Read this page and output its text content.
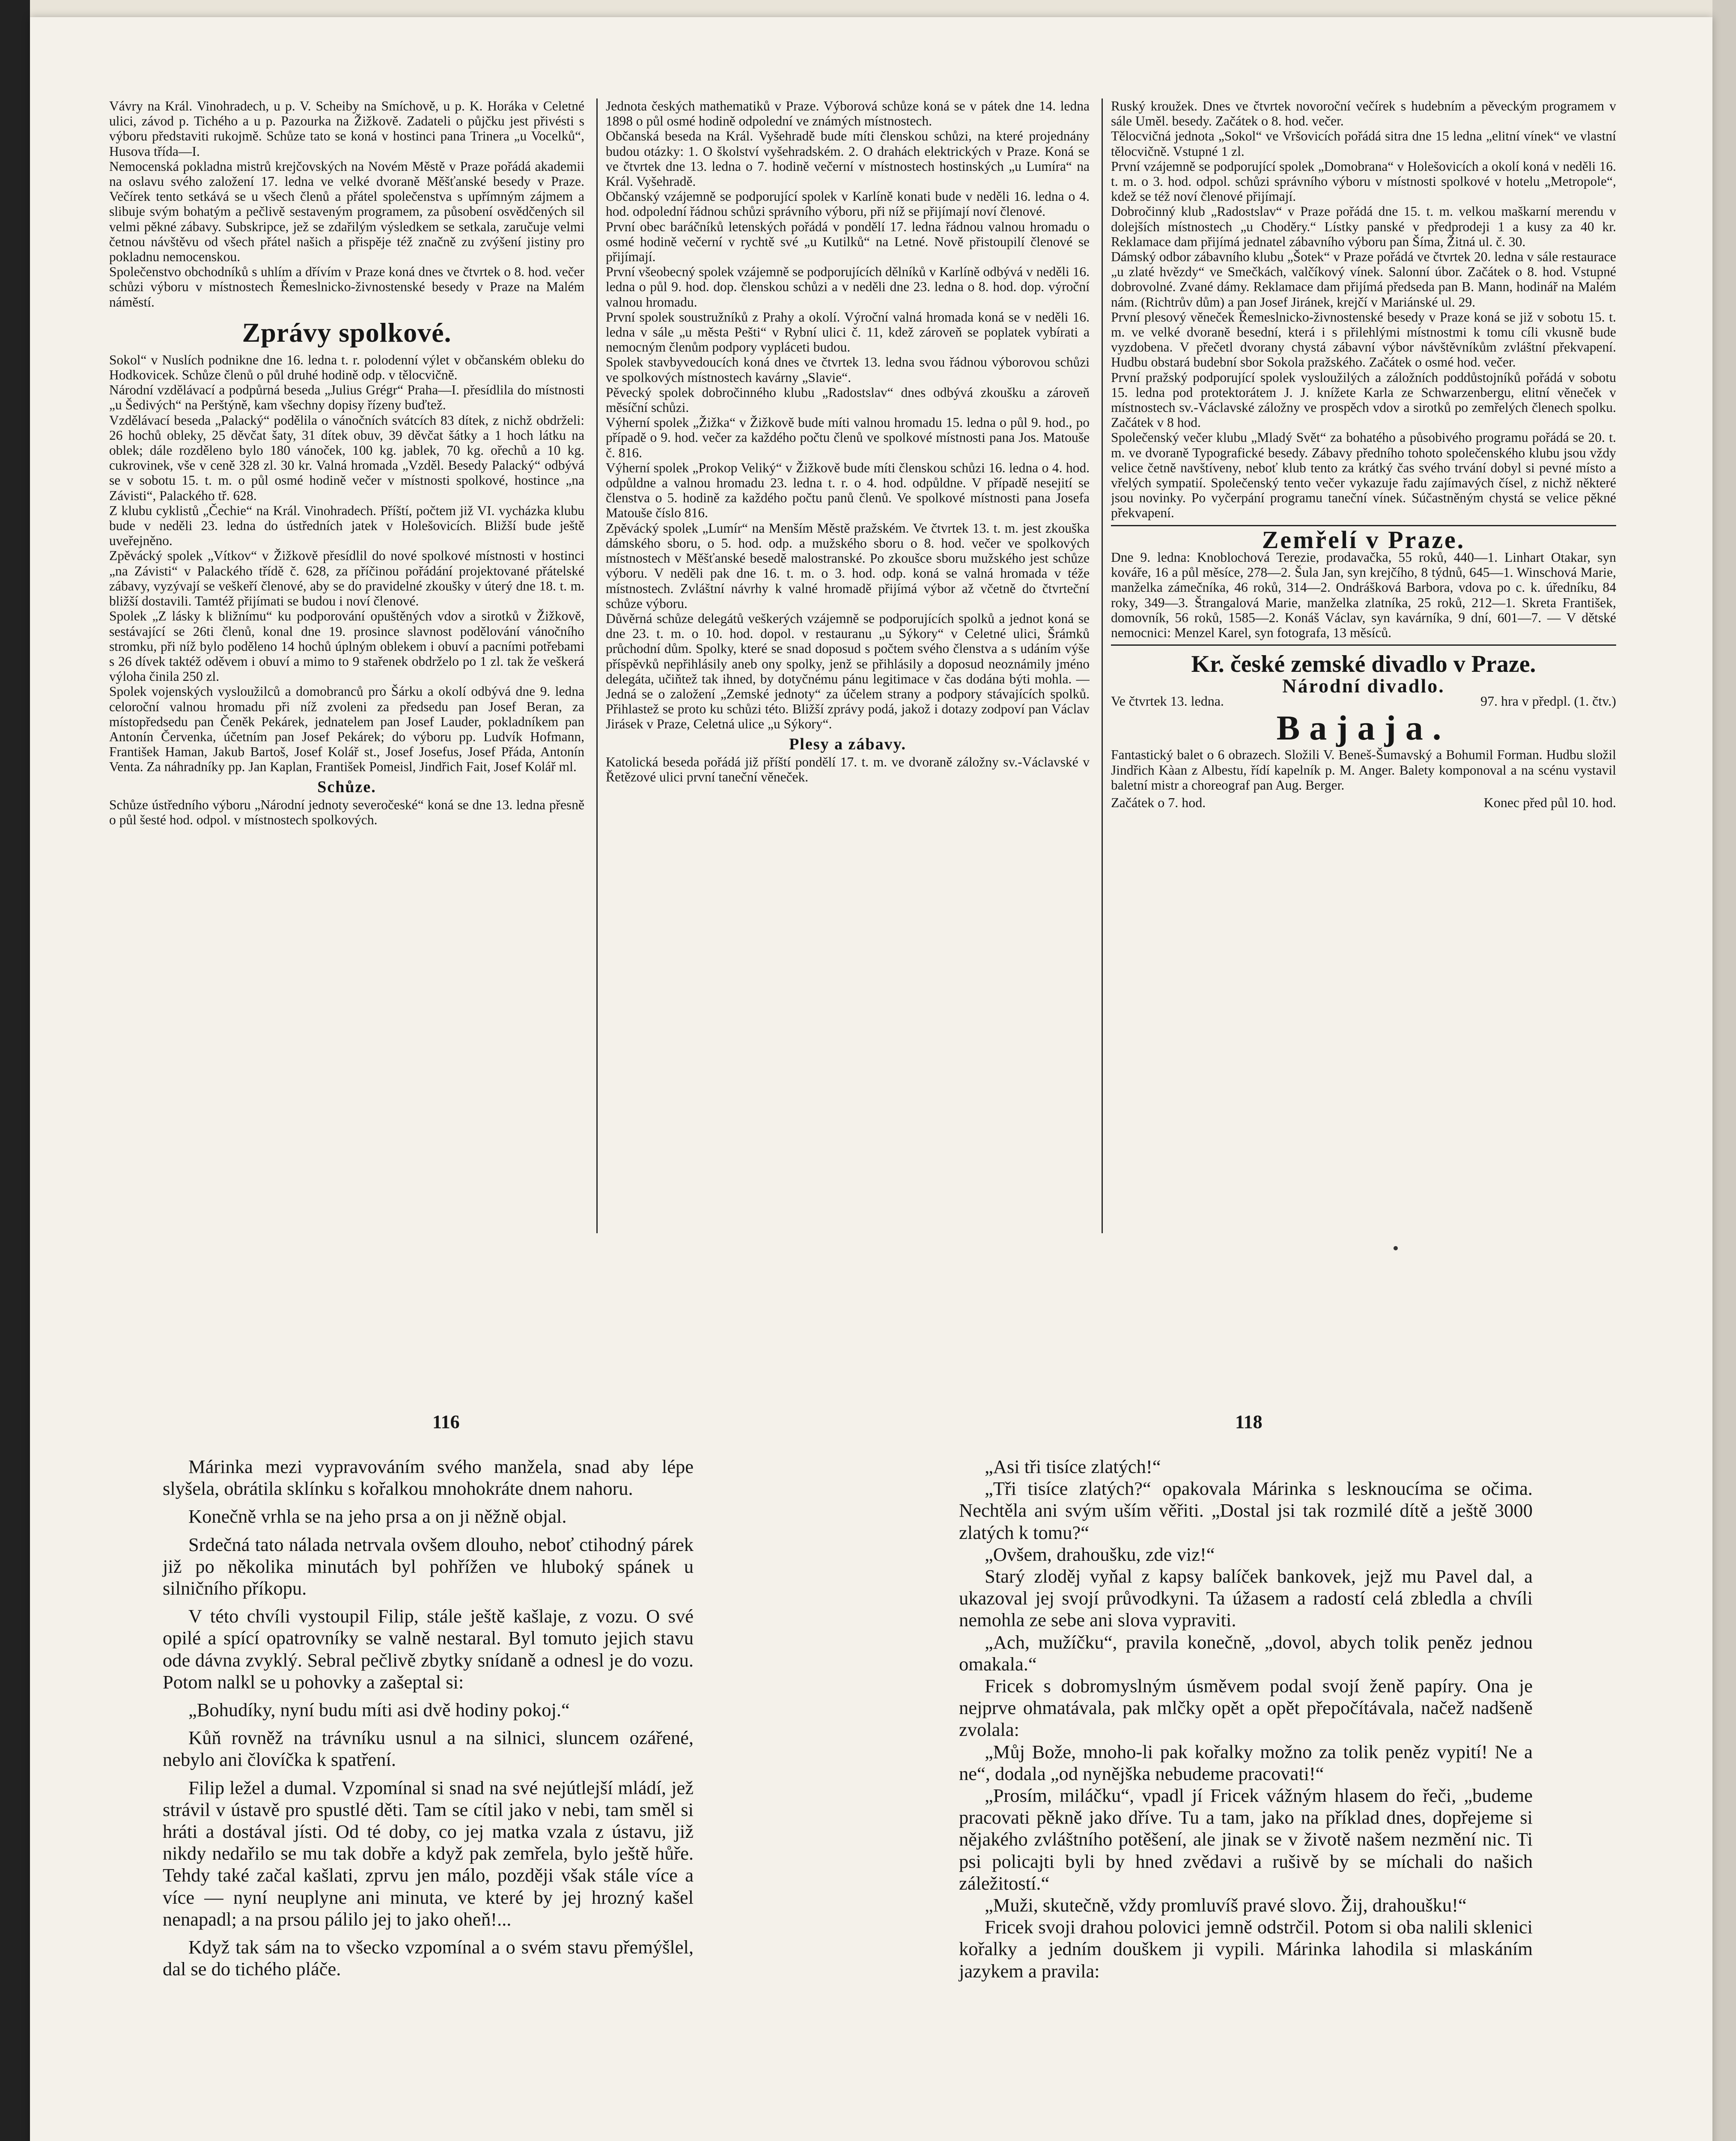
Vávry na Král. Vinohradech, u p. V. Scheiby na Smíchově, u p. K. Horáka v Celetné ulici, závod p. Tichého a u p. Pazourka na Žižkově. Zadateli o půjčku jest přivésti s výboru představiti rukojmě. Schůze tato se koná v hostinci pana Trinera „u Vocelků“, Husova třída—I.

Nemocenská pokladna mistrů krejčovských na Novém Městě v Praze pořádá akademii na oslavu svého založení 17. ledna ve velké dvoraně Měšťanské besedy v Praze. Večírek tento setkává se u všech členů a přátel společenstva s upřímným zájmem a slibuje svým bohatým a pečlivě sestaveným programem, za působení osvědčených sil velmi pěkné zábavy. Subskripce, jež se zdařilým výsledkem se setkala, zaručuje velmi četnou návštěvu od všech přátel našich a přispěje též značně zu zvýšení jistiny pro pokladnu nemocenskou.

Společenstvo obchodníků s uhlím a dřívím v Praze koná dnes ve čtvrtek o 8. hod. večer schůzi výboru v místnostech Řemeslnicko-živnostenské besedy v Praze na Malém náměstí.

Zprávy spolkové.

Sokol“ v Nuslích podnikne dne 16. ledna t. r. polodenní výlet v občanském obleku do Hodkovicek. Schůze členů o půl druhé hodině odp. v tělocvičně.

Národní vzdělávací a podpůrná beseda „Julius Grégr“ Praha—I. přesídlila do místnosti „u Šedivých“ na Perštýně, kam všechny dopisy řízeny buďtež.

Vzdělávací beseda „Palacký“ podělila o vánočních svátcích 83 dítek, z nichž obdrželi: 26 hochů obleky, 25 děvčat šaty, 31 dítek obuv, 39 děvčat šátky a 1 hoch látku na oblek; dále rozděleno bylo 180 vánoček, 100 kg. jablek, 70 kg. ořechů a 10 kg. cukrovinek, vše v ceně 328 zl. 30 kr. Valná hromada „Vzděl. Besedy Palacký“ odbývá se v sobotu 15. t. m. o půl osmé hodině večer v místnosti spolkové, hostince „na Závisti“, Palackého tř. 628.

Z klubu cyklistů „Čechie“ na Král. Vinohradech. Příští, počtem již VI. vycházka klubu bude v neděli 23. ledna do ústředních jatek v Holešovicích. Bližší bude ještě uveřejněno.

Zpěvácký spolek „Vítkov“ v Žižkově přesídlil do nové spolkové místnosti v hostinci „na Závisti“ v Palackého třídě č. 628, za příčinou pořádání projektované přátelské zábavy, vyzývají se veškeří členové, aby se do pravidelné zkoušky v úterý dne 18. t. m. bližší dostavili. Tamtéž přijímati se budou i noví členové.

Spolek „Z lásky k bližnímu“ ku podporování opuštěných vdov a sirotků v Žižkově, sestávající se 26ti členů, konal dne 19. prosince slavnost podělování vánočního stromku, při níž bylo poděleno 14 hochů úplným oblekem i obuví a pacními potřebami s 26 dívek taktéž oděvem i obuví a mimo to 9 stařenek obdrželo po 1 zl. tak že veškerá výloha činila 250 zl.

Spolek vojenských vysloužilců a domobranců pro Šárku a okolí odbývá dne 9. ledna celoroční valnou hromadu při níž zvoleni za předsedu pan Josef Beran, za místopředsedu pan Čeněk Pekárek, jednatelem pan Josef Lauder, pokladníkem pan Antonín Červenka, účetním pan Josef Pekárek; do výboru pp. Ludvík Hofmann, František Haman, Jakub Bartoš, Josef Kolář st., Josef Josefus, Josef Přáda, Antonín Venta. Za náhradníky pp. Jan Kaplan, František Pomeisl, Jindřich Fait, Josef Kolář ml.

Schůze.

Schůze ústředního výboru „Národní jednoty severočeské“ koná se dne 13. ledna přesně o půl šesté hod. odpol. v místnostech spolkových.

Jednota českých mathematiků v Praze. Výborová schůze koná se v pátek dne 14. ledna 1898 o půl osmé hodině odpolední ve známých místnostech.

Občanská beseda na Král. Vyšehradě bude míti členskou schůzi, na které projednány budou otázky: 1. O školství vyšehradském. 2. O drahách elektrických v Praze. Koná se ve čtvrtek dne 13. ledna o 7. hodině večerní v místnostech hostinských „u Lumíra“ na Král. Vyšehradě.

Občanský vzájemně se podporující spolek v Karlíně konati bude v neděli 16. ledna o 4. hod. odpolední řádnou schůzi správního výboru, při níž se přijímají noví členové.

První obec baráčníků letenských pořádá v pondělí 17. ledna řádnou valnou hromadu o osmé hodině večerní v rychtě své „u Kutilků“ na Letné. Nově přistoupilí členové se přijímají.

První všeobecný spolek vzájemně se podporujících dělníků v Karlíně odbývá v neděli 16. ledna o půl 9. hod. dop. členskou schůzi a v neděli dne 23. ledna o 8. hod. dop. výroční valnou hromadu.

První spolek soustružníků z Prahy a okolí. Výroční valná hromada koná se v neděli 16. ledna v sále „u města Pešti“ v Rybní ulici č. 11, kdež zároveň se poplatek vybírati a nemocným členům podpory vypláceti budou.

Spolek stavbyvedoucích koná dnes ve čtvrtek 13. ledna svou řádnou výborovou schůzi ve spolkových místnostech kavárny „Slavie“.

Pěvecký spolek dobročinného klubu „Radostslav“ dnes odbývá zkoušku a zároveň měsíční schůzi.

Výherní spolek „Žižka“ v Žižkově bude míti valnou hromadu 15. ledna o půl 9. hod., po případě o 9. hod. večer za každého počtu členů ve spolkové místnosti pana Jos. Matouše č. 816.

Výherní spolek „Prokop Veliký“ v Žižkově bude míti členskou schůzi 16. ledna o 4. hod. odpůldne a valnou hromadu 23. ledna t. r. o 4. hod. odpůldne. V případě nesejití se členstva o 5. hodině za každého počtu panů členů. Ve spolkové místnosti pana Josefa Matouše číslo 816.

Zpěvácký spolek „Lumír“ na Menším Městě pražském. Ve čtvrtek 13. t. m. jest zkouška dámského sboru, o 5. hod. odp. a mužského sboru o 8. hod. večer ve spolkových místnostech v Měšťanské besedě malostranské. Po zkoušce sboru mužského jest schůze výboru. V neděli pak dne 16. t. m. o 3. hod. odp. koná se valná hromada v téže místnostech. Zvláštní návrhy k valné hromadě přijímá výbor až včetně do čtvrteční schůze výboru.

Důvěrná schůze delegátů veškerých vzájemně se podporujících spolků a jednot koná se dne 23. t. m. o 10. hod. dopol. v restauranu „u Sýkory“ v Celetné ulici, Šrámků průchodní dům. Spolky, které se snad doposud s počtem svého členstva a s udáním výše příspěvků nepřihlásily aneb ony spolky, jenž se přihlásily a doposud neoznámily jméno delegáta, učiňtež tak ihned, by dotyčnému pánu legitimace v čas dodána býti mohla. — Jedná se o založení „Zemské jednoty“ za účelem strany a podpory stávajících spolků. Přihlastež se proto ku schůzi této. Bližší zprávy podá, jakož i dotazy zodpoví pan Václav Jirásek v Praze, Celetná ulice „u Sýkory“.

Plesy a zábavy.

Katolická beseda pořádá již příští pondělí 17. t. m. ve dvoraně záložny sv.-Václavské v Řetězové ulici první taneční věneček.

Ruský kroužek. Dnes ve čtvrtek novoroční večírek s hudebním a pěveckým programem v sále Uměl. besedy. Začátek o 8. hod. večer.

Tělocvičná jednota „Sokol“ ve Vršovicích pořádá sitra dne 15 ledna „elitní vínek“ ve vlastní tělocvičně. Vstupné 1 zl.

První vzájemně se podporující spolek „Domobrana“ v Holešovicích a okolí koná v neděli 16. t. m. o 3. hod. odpol. schůzi správního výboru v místnosti spolkové v hotelu „Metropole“, kdež se též noví členové přijímají.

Dobročinný klub „Radostslav“ v Praze pořádá dne 15. t. m. velkou maškarní merendu v dolejších místnostech „u Choděry.“ Lístky panské v předprodeji 1 a kusy za 40 kr. Reklamace dam přijímá jednatel zábavního výboru pan Šíma, Žitná ul. č. 30.

Dámský odbor zábavního klubu „Šotek“ v Praze pořádá ve čtvrtek 20. ledna v sále restaurace „u zlaté hvězdy“ ve Smečkách, valčíkový vínek. Salonní úbor. Začátek o 8. hod. Vstupné dobrovolné. Zvané dámy. Reklamace dam přijímá předseda pan B. Mann, hodinář na Malém nám. (Richtrův dům) a pan Josef Jiránek, krejčí v Mariánské ul. 29.

První plesový věneček Řemeslnicko-živnostenské besedy v Praze koná se již v sobotu 15. t. m. ve velké dvoraně besední, která i s přilehlými místnostmi k tomu cíli vkusně bude vyzdobena. V přečetl dvorany chystá zábavní výbor návštěvníkům zvláštní překvapení. Hudbu obstará budební sbor Sokola pražského. Začátek o osmé hod. večer.

První pražský podporující spolek vysloužilých a záložních poddůstojníků pořádá v sobotu 15. ledna pod protektorátem J. J. knížete Karla ze Schwarzenbergu, elitní věneček v místnostech sv.-Václavské záložny ve prospěch vdov a sirotků po zemřelých členech spolku. Začátek v 8 hod.

Společenský večer klubu „Mladý Svět“ za bohatého a působivého programu pořádá se 20. t. m. ve dvoraně Typografické besedy. Zábavy předního tohoto společenského klubu jsou vždy velice četně navštíveny, neboť klub tento za krátký čas svého trvání dobyl si pevné místo a vřelých sympatií. Společenský tento večer vykazuje řadu zajímavých čísel, z nichž některé jsou novinky. Po vyčerpání programu taneční vínek. Súčastněným chystá se velice pěkné překvapení.

Zemřelí v Praze.

Dne 9. ledna: Knoblochová Terezie, prodavačka, 55 roků, 440—1. Linhart Otakar, syn kováře, 16 a půl měsíce, 278—2. Šula Jan, syn krejčího, 8 týdnů, 645—1. Winschová Marie, manželka zámečníka, 46 roků, 314—2. Ondrášková Barbora, vdova po c. k. úředníku, 84 roky, 349—3. Štrangalová Marie, manželka zlatníka, 25 roků, 212—1. Skreta František, domovník, 56 roků, 1585—2. Konáš Václav, syn kavárníka, 9 dní, 601—7. — V dětské nemocnici: Menzel Karel, syn fotografa, 13 měsíců.

Kr. české zemské divadlo v Praze.
Národní divadlo.
Ve čtvrtek 13. ledna.	97. hra v předpl. (1. čtv.)
Bajaja.

Fantastický balet o 6 obrazech. Složili V. Beneš-Šumavský a Bohumil Forman. Hudbu složil Jindřich Kàan z Albestu, řídí kapelník p. M. Anger. Balety komponoval a na scénu vystavil baletní mistr a choreograf pan Aug. Berger.

Začátek o 7. hod.	Konec před půl 10. hod.
116	118

Márinka mezi vypravováním svého manžela, snad aby lépe slyšela, obrátila sklínku s kořalkou mnohokráte dnem nahoru.

Konečně vrhla se na jeho prsa a on ji něžně objal.

Srdečná tato nálada netrvala ovšem dlouho, neboť ctihodný párek již po několika minutách byl pohřížen ve hluboký spánek u silničního příkopu.

V této chvíli vystoupil Filip, stále ještě kašlaje, z vozu. O své opilé a spící opatrovníky se valně nestaral. Byl tomuto jejich stavu ode dávna zvyklý. Sebral pečlivě zbytky snídaně a odnesl je do vozu. Potom nalkl se u pohovky a zašeptal si:

„Bohudíky, nyní budu míti asi dvě hodiny pokoj.“

Kůň rovněž na trávníku usnul a na silnici, sluncem ozářené, nebylo ani človíčka k spatření.

Filip ležel a dumal. Vzpomínal si snad na své nejútlejší mládí, jež strávil v ústavě pro spustlé děti. Tam se cítil jako v nebi, tam směl si hráti a dostával jísti. Od té doby, co jej matka vzala z ústavu, již nikdy nedařilo se mu tak dobře a když pak zemřela, bylo ještě hůře. Tehdy také začal kašlati, zprvu jen málo, později však stále více a více — nyní neuplyne ani minuta, ve které by jej hrozný kašel nenapadl; a na prsou pálilo jej to jako oheň!...

Když tak sám na to všecko vzpomínal a o svém stavu přemýšlel, dal se do tichého pláče.

„Asi tři tisíce zlatých!“

„Tři tisíce zlatých?“ opakovala Márinka s lesknoucíma se očima. Nechtěla ani svým uším věřiti. „Dostal jsi tak rozmilé dítě a ještě 3000 zlatých k tomu?“

„Ovšem, drahoušku, zde viz!“

Starý zloděj vyňal z kapsy balíček bankovek, jejž mu Pavel dal, a ukazoval jej svojí průvodkyni. Ta úžasem a radostí celá zbledla a chvíli nemohla ze sebe ani slova vypraviti.

„Ach, mužíčku“, pravila konečně, „dovol, abych tolik peněz jednou omakala.“

Fricek s dobromyslným úsměvem podal svojí ženě papíry. Ona je nejprve ohmatávala, pak mlčky opět a opět přepočítávala, načež nadšeně zvolala:

„Můj Bože, mnoho-li pak kořalky možno za tolik peněz vypití! Ne a ne“, dodala „od nynějška nebudeme pracovati!“

„Prosím, miláčku“, vpadl jí Fricek vážným hlasem do řeči, „budeme pracovati pěkně jako dříve. Tu a tam, jako na příklad dnes, dopřejeme si nějakého zvláštního potěšení, ale jinak se v životě našem nezmění nic. Ti psi policajti byli by hned zvědavi a rušivě by se míchali do našich záležitostí.“

„Muži, skutečně, vždy promluvíš pravé slovo. Žij, drahoušku!“

Fricek svoji drahou polovici jemně odstrčil. Potom si oba nalili sklenici kořalky a jedním douškem ji vypili. Márinka lahodila si mlaskáním jazykem a pravila:
